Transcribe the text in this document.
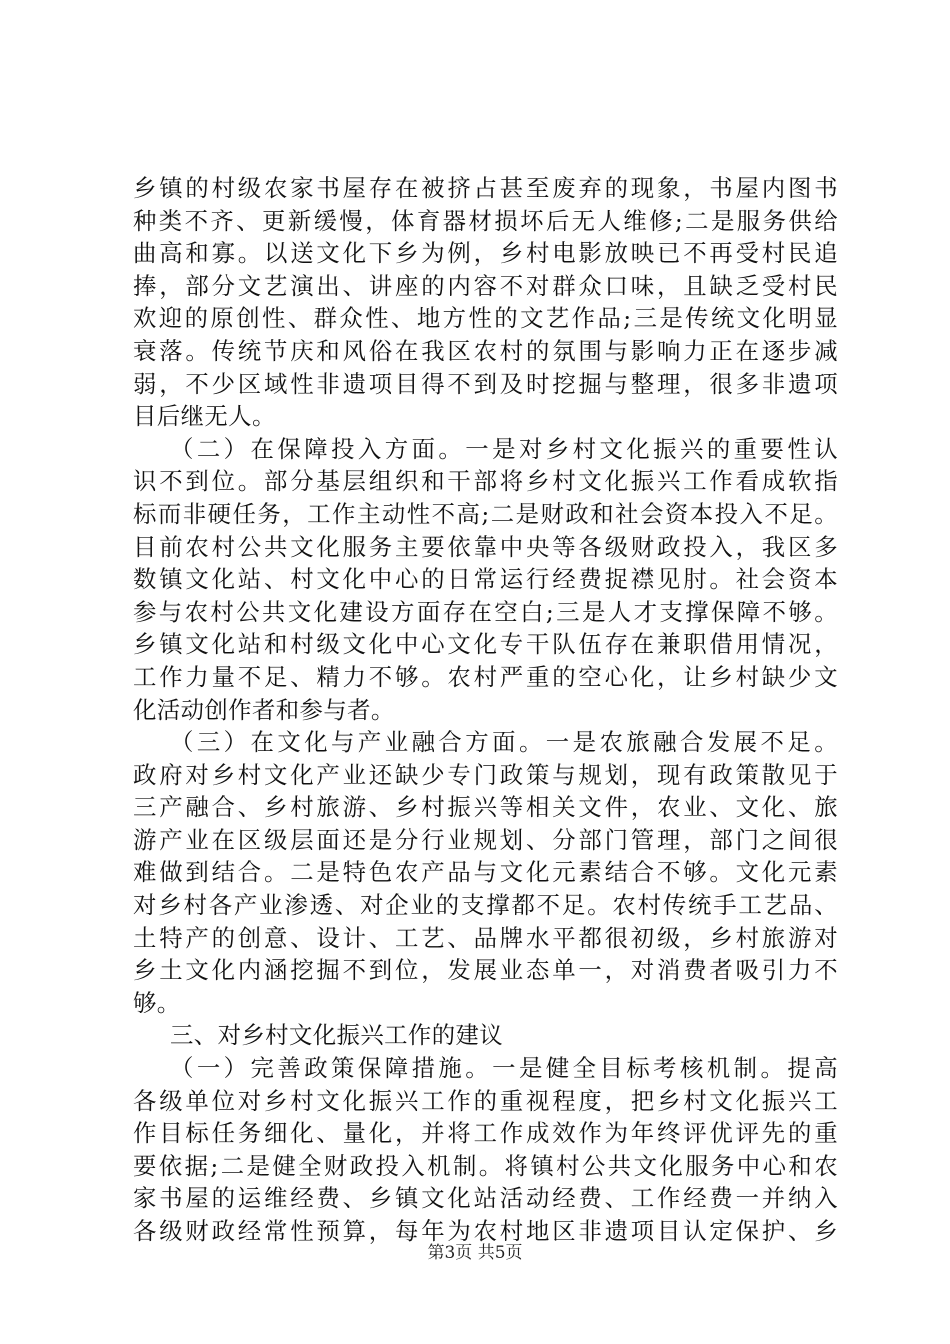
乡镇的村级农家书屋存在被挤占甚至废弃的现象，书屋内图书
种类不齐、更新缓慢，体育器材损坏后无人维修;二是服务供给
曲高和寡。以送文化下乡为例，乡村电影放映已不再受村民追
捧，部分文艺演出、讲座的内容不对群众口味，且缺乏受村民
欢迎的原创性、群众性、地方性的文艺作品;三是传统文化明显
衰落。传统节庆和风俗在我区农村的氛围与影响力正在逐步减
弱，不少区域性非遗项目得不到及时挖掘与整理，很多非遗项
目后继无人。
（二）在保障投入方面。一是对乡村文化振兴的重要性认
识不到位。部分基层组织和干部将乡村文化振兴工作看成软指
标而非硬任务，工作主动性不高;二是财政和社会资本投入不足。
目前农村公共文化服务主要依靠中央等各级财政投入，我区多
数镇文化站、村文化中心的日常运行经费捉襟见肘。社会资本
参与农村公共文化建设方面存在空白;三是人才支撑保障不够。
乡镇文化站和村级文化中心文化专干队伍存在兼职借用情况，
工作力量不足、精力不够。农村严重的空心化，让乡村缺少文
化活动创作者和参与者。
（三）在文化与产业融合方面。一是农旅融合发展不足。
政府对乡村文化产业还缺少专门政策与规划，现有政策散见于
三产融合、乡村旅游、乡村振兴等相关文件，农业、文化、旅
游产业在区级层面还是分行业规划、分部门管理，部门之间很
难做到结合。二是特色农产品与文化元素结合不够。文化元素
对乡村各产业渗透、对企业的支撑都不足。农村传统手工艺品、
土特产的创意、设计、工艺、品牌水平都很初级，乡村旅游对
乡土文化内涵挖掘不到位，发展业态单一，对消费者吸引力不
够。
三、对乡村文化振兴工作的建议
（一）完善政策保障措施。一是健全目标考核机制。提高
各级单位对乡村文化振兴工作的重视程度，把乡村文化振兴工
作目标任务细化、量化，并将工作成效作为年终评优评先的重
要依据;二是健全财政投入机制。将镇村公共文化服务中心和农
家书屋的运维经费、乡镇文化站活动经费、工作经费一并纳入
各级财政经常性预算，每年为农村地区非遗项目认定保护、乡
第3页 共5页
